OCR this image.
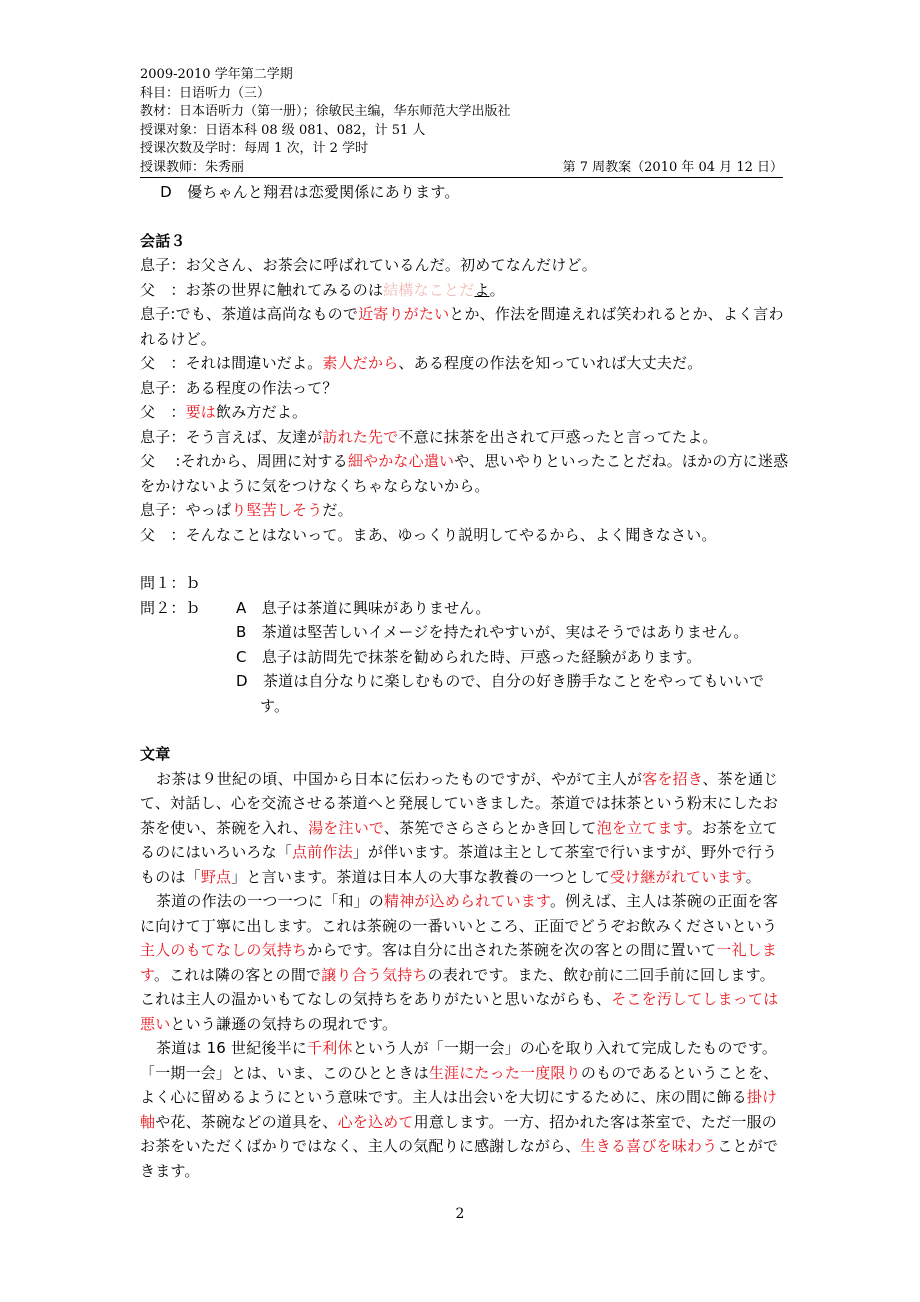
2009-2010 学年第二学期
科目：日语听力（三）
教材：日本语听力（第一册）；徐敏民主编，华东师范大学出版社
授课对象：日语本科 08 级 081、082，计 51 人
授课次数及学时：每周 1 次，计 2 学时
授课教师：朱秀丽	第 7 周教案（2010 年 04 月 12 日）

　 D　優ちゃんと翔君は恋愛関係にあります。

会話３

息子：お父さん、お茶会に呼ばれているんだ。初めてなんだけど。

父　：お茶の世界に触れてみるのは結構なことだよ。

息子:でも、茶道は高尚なもので近寄りがたいとか、作法を間違えれば笑われるとか、よく言われるけど。

父　：それは間違いだよ。素人だから、ある程度の作法を知っていれば大丈夫だ。

息子：ある程度の作法って？

父　：要は飲み方だよ。

息子：そう言えば、友達が訪れた先で不意に抹茶を出されて戸惑ったと言ってたよ。

父　 :それから、周囲に対する細やかな心遣いや、思いやりといったことだね。ほかの方に迷惑をかけないように気をつけなくちゃならないから。

息子：やっぱり堅苦しそうだ。

父　：そんなことはないって。まあ、ゆっくり説明してやるから、よく聞きなさい。

問１：ｂ

問２：ｂ A　息子は茶道に興味がありません。

B　茶道は堅苦しいイメージを持たれやすいが、実はそうではありません。

C　息子は訪問先で抹茶を勧められた時、戸惑った経験があります。

D　茶道は自分なりに楽しむもので、自分の好き勝手なことをやってもいいです。

文章

お茶は９世紀の頃、中国から日本に伝わったものですが、やがて主人が客を招き、茶を通じて、対話し、心を交流させる茶道へと発展していきました。茶道では抹茶という粉末にしたお茶を使い、茶碗を入れ、湯を注いで、茶筅でさらさらとかき回して泡を立てます。お茶を立てるのにはいろいろな「点前作法」が伴います。茶道は主として茶室で行いますが、野外で行うものは「野点」と言います。茶道は日本人の大事な教養の一つとして受け継がれています。

茶道の作法の一つ一つに「和」の精神が込められています。例えば、主人は茶碗の正面を客に向けて丁寧に出します。これは茶碗の一番いいところ、正面でどうぞお飲みくださいという主人のもてなしの気持ちからです。客は自分に出された茶碗を次の客との間に置いて一礼します。これは隣の客との間で譲り合う気持ちの表れです。また、飲む前に二回手前に回します。これは主人の温かいもてなしの気持ちをありがたいと思いながらも、そこを汚してしまっては悪いという謙遜の気持ちの現れです。

茶道は 16 世紀後半に千利休という人が「一期一会」の心を取り入れて完成したものです。「一期一会」とは、いま、このひとときは生涯にたった一度限りのものであるということを、よく心に留めるようにという意味です。主人は出会いを大切にするために、床の間に飾る掛け軸や花、茶碗などの道具を、心を込めて用意します。一方、招かれた客は茶室で、ただ一服のお茶をいただくばかりではなく、主人の気配りに感謝しながら、生きる喜びを味わうことができます。

2
